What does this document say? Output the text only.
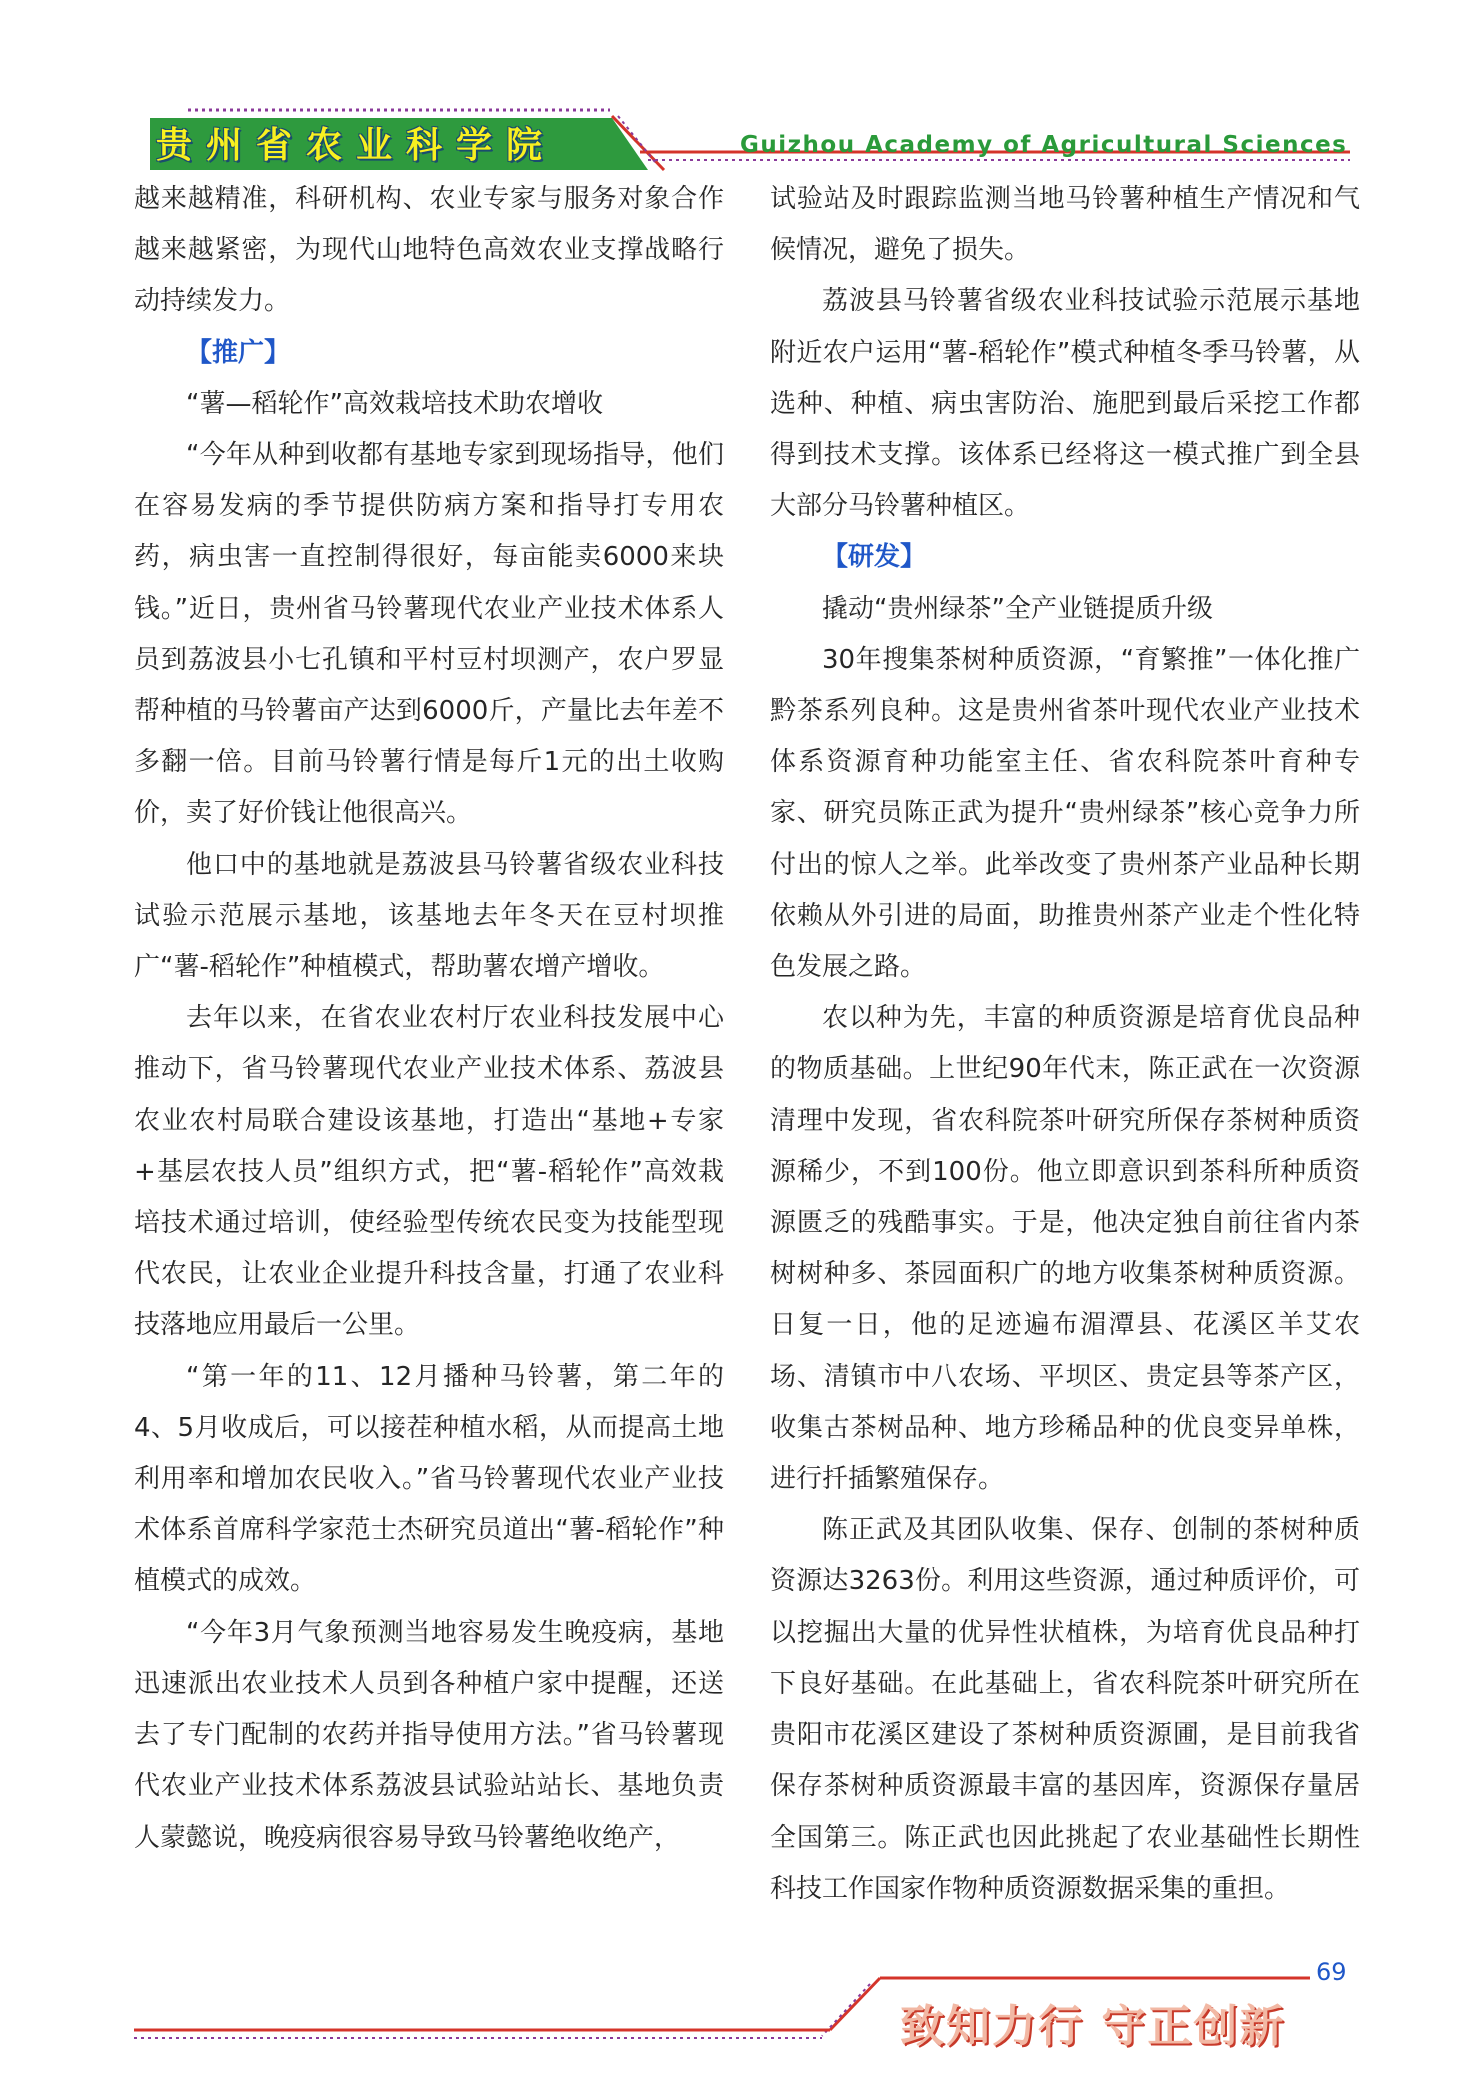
贵州省农业科学院	Guizhou Academy of Agricultural Sciences

越来越精准，科研机构、农业专家与服务对象合作越来越紧密，为现代山地特色高效农业支撑战略行动持续发力。

【推广】

“薯—稻轮作”高效栽培技术助农增收

“今年从种到收都有基地专家到现场指导，他们在容易发病的季节提供防病方案和指导打专用农药，病虫害一直控制得很好，每亩能卖6000来块钱。”近日，贵州省马铃薯现代农业产业技术体系人员到荔波县小七孔镇和平村豆村坝测产，农户罗显帮种植的马铃薯亩产达到6000斤，产量比去年差不多翻一倍。目前马铃薯行情是每斤1元的出土收购价，卖了好价钱让他很高兴。

他口中的基地就是荔波县马铃薯省级农业科技试验示范展示基地，该基地去年冬天在豆村坝推广“薯-稻轮作”种植模式，帮助薯农增产增收。

去年以来，在省农业农村厅农业科技发展中心推动下，省马铃薯现代农业产业技术体系、荔波县农业农村局联合建设该基地，打造出“基地+专家+基层农技人员”组织方式，把“薯-稻轮作”高效栽培技术通过培训，使经验型传统农民变为技能型现代农民，让农业企业提升科技含量，打通了农业科技落地应用最后一公里。

“第一年的11、12月播种马铃薯，第二年的4、5月收成后，可以接茬种植水稻，从而提高土地利用率和增加农民收入。”省马铃薯现代农业产业技术体系首席科学家范士杰研究员道出“薯-稻轮作”种植模式的成效。

“今年3月气象预测当地容易发生晚疫病，基地迅速派出农业技术人员到各种植户家中提醒，还送去了专门配制的农药并指导使用方法。”省马铃薯现代农业产业技术体系荔波县试验站站长、基地负责人蒙懿说，晚疫病很容易导致马铃薯绝收绝产，

试验站及时跟踪监测当地马铃薯种植生产情况和气候情况，避免了损失。

荔波县马铃薯省级农业科技试验示范展示基地附近农户运用“薯-稻轮作”模式种植冬季马铃薯，从选种、种植、病虫害防治、施肥到最后采挖工作都得到技术支撑。该体系已经将这一模式推广到全县大部分马铃薯种植区。

【研发】

撬动“贵州绿茶”全产业链提质升级

30年搜集茶树种质资源，“育繁推”一体化推广黔茶系列良种。这是贵州省茶叶现代农业产业技术体系资源育种功能室主任、省农科院茶叶育种专家、研究员陈正武为提升“贵州绿茶”核心竞争力所付出的惊人之举。此举改变了贵州茶产业品种长期依赖从外引进的局面，助推贵州茶产业走个性化特色发展之路。

农以种为先，丰富的种质资源是培育优良品种的物质基础。上世纪90年代末，陈正武在一次资源清理中发现，省农科院茶叶研究所保存茶树种质资源稀少，不到100份。他立即意识到茶科所种质资源匮乏的残酷事实。于是，他决定独自前往省内茶树树种多、茶园面积广的地方收集茶树种质资源。日复一日，他的足迹遍布湄潭县、花溪区羊艾农场、清镇市中八农场、平坝区、贵定县等茶产区，收集古茶树品种、地方珍稀品种的优良变异单株，进行扦插繁殖保存。

陈正武及其团队收集、保存、创制的茶树种质资源达3263份。利用这些资源，通过种质评价，可以挖掘出大量的优异性状植株，为培育优良品种打下良好基础。在此基础上，省农科院茶叶研究所在贵阳市花溪区建设了茶树种质资源圃，是目前我省保存茶树种质资源最丰富的基因库，资源保存量居全国第三。陈正武也因此挑起了农业基础性长期性科技工作国家作物种质资源数据采集的重担。

69
致知力行 守正创新
